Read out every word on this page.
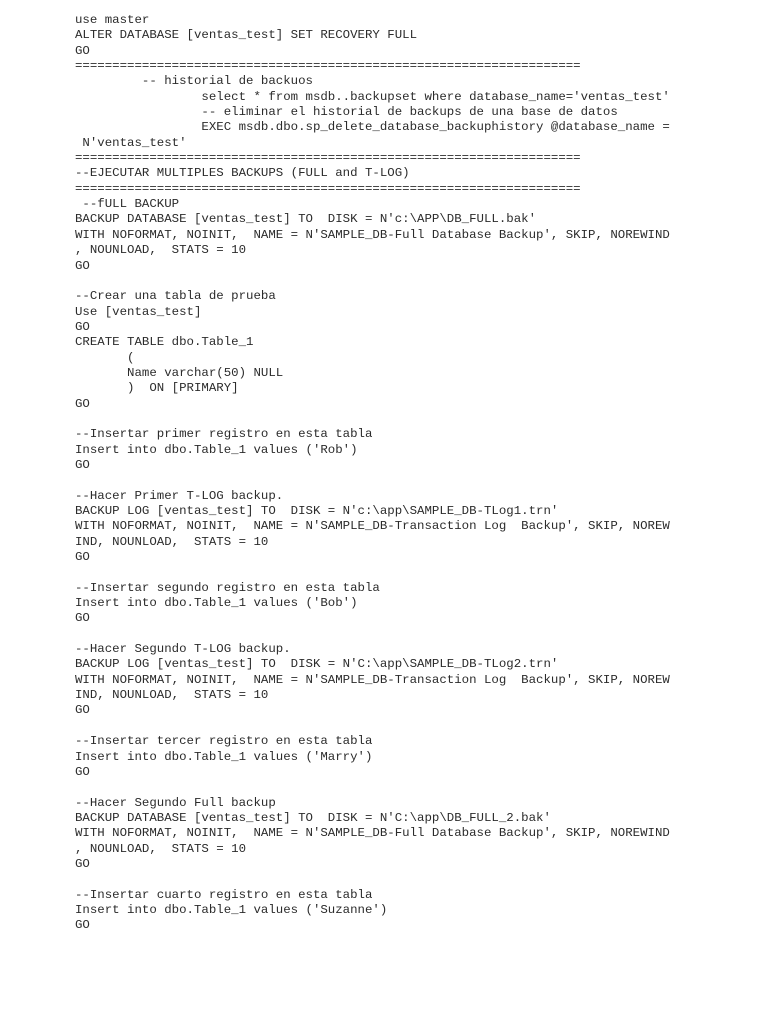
use master
ALTER DATABASE [ventas_test] SET RECOVERY FULL
GO
====================================================================
-- historial de backuos
select * from msdb..backupset where database_name='ventas_test'
-- eliminar el historial de backups de una base de datos
EXEC msdb.dbo.sp_delete_database_backuphistory @database_name =
N'ventas_test'
====================================================================
--EJECUTAR MULTIPLES BACKUPS (FULL and T-LOG)
====================================================================
--fULL BACKUP
BACKUP DATABASE [ventas_test] TO  DISK = N'c:\APP\DB_FULL.bak'
WITH NOFORMAT, NOINIT,  NAME = N'SAMPLE_DB-Full Database Backup', SKIP, NOREWIND
, NOUNLOAD,  STATS = 10
GO
--Crear una tabla de prueba
Use [ventas_test]
GO
CREATE TABLE dbo.Table_1
(
Name varchar(50) NULL
)  ON [PRIMARY]
GO
--Insertar primer registro en esta tabla
Insert into dbo.Table_1 values ('Rob')
GO
--Hacer Primer T-LOG backup.
BACKUP LOG [ventas_test] TO  DISK = N'c:\app\SAMPLE_DB-TLog1.trn'
WITH NOFORMAT, NOINIT,  NAME = N'SAMPLE_DB-Transaction Log  Backup', SKIP, NOREW
IND, NOUNLOAD,  STATS = 10
GO
--Insertar segundo registro en esta tabla
Insert into dbo.Table_1 values ('Bob')
GO
--Hacer Segundo T-LOG backup.
BACKUP LOG [ventas_test] TO  DISK = N'C:\app\SAMPLE_DB-TLog2.trn'
WITH NOFORMAT, NOINIT,  NAME = N'SAMPLE_DB-Transaction Log  Backup', SKIP, NOREW
IND, NOUNLOAD,  STATS = 10
GO
--Insertar tercer registro en esta tabla
Insert into dbo.Table_1 values ('Marry')
GO
--Hacer Segundo Full backup
BACKUP DATABASE [ventas_test] TO  DISK = N'C:\app\DB_FULL_2.bak'
WITH NOFORMAT, NOINIT,  NAME = N'SAMPLE_DB-Full Database Backup', SKIP, NOREWIND
, NOUNLOAD,  STATS = 10
GO
--Insertar cuarto registro en esta tabla
Insert into dbo.Table_1 values ('Suzanne')
GO
